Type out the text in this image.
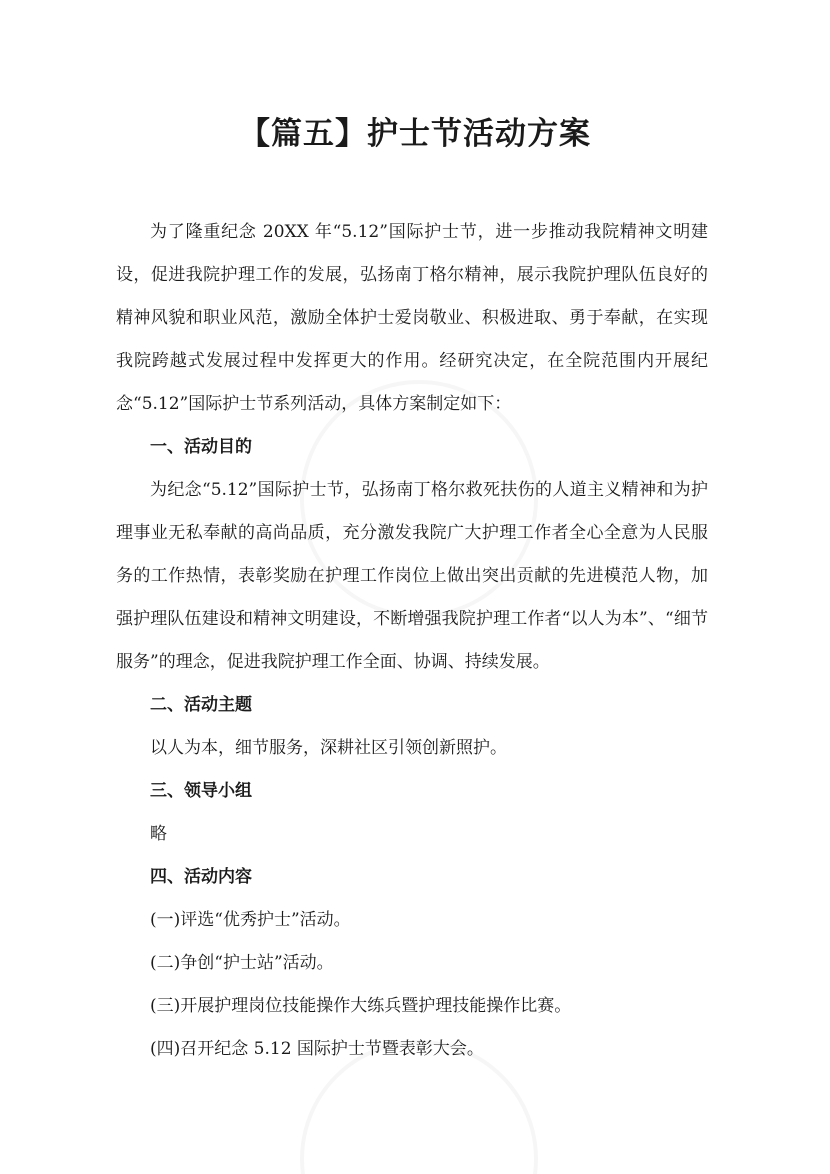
【篇五】护士节活动方案

为了隆重纪念 20XX 年“5.12”国际护士节，进一步推动我院精神文明建设，促进我院护理工作的发展，弘扬南丁格尔精神，展示我院护理队伍良好的精神风貌和职业风范，激励全体护士爱岗敬业、积极进取、勇于奉献，在实现我院跨越式发展过程中发挥更大的作用。经研究决定，在全院范围内开展纪念“5.12”国际护士节系列活动，具体方案制定如下：

一、活动目的

为纪念“5.12”国际护士节，弘扬南丁格尔救死扶伤的人道主义精神和为护理事业无私奉献的高尚品质，充分激发我院广大护理工作者全心全意为人民服务的工作热情，表彰奖励在护理工作岗位上做出突出贡献的先进模范人物，加强护理队伍建设和精神文明建设，不断增强我院护理工作者“以人为本”、“细节服务”的理念，促进我院护理工作全面、协调、持续发展。

二、活动主题

以人为本，细节服务，深耕社区引领创新照护。

三、领导小组

略

四、活动内容

(一)评选“优秀护士”活动。

(二)争创“护士站”活动。

(三)开展护理岗位技能操作大练兵暨护理技能操作比赛。

(四)召开纪念 5.12 国际护士节暨表彰大会。
